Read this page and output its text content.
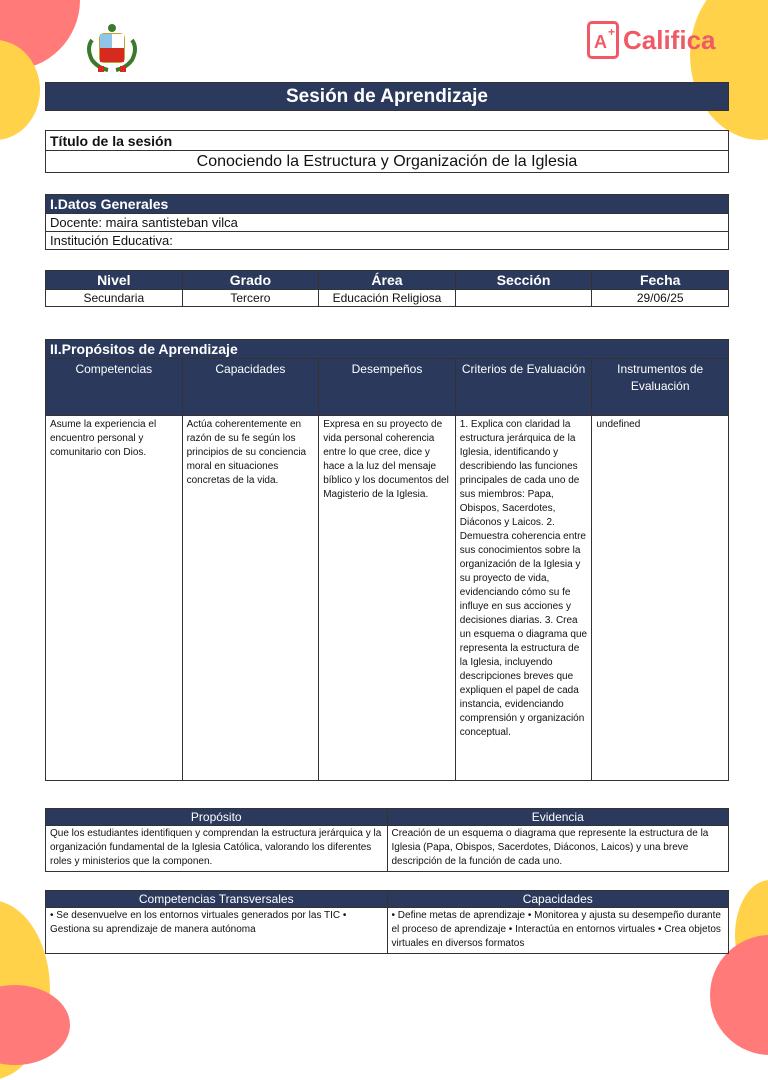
A + Califica
Sesión de Aprendizaje
Título de la sesión
Conociendo la Estructura y Organización de la Iglesia
I.Datos Generales
Docente: maira santisteban vilca
Institución Educativa:
Nivel	Grado	Área	Sección	Fecha
Secundaria	Tercero	Educación Religiosa		29/06/25
II.Propósitos de Aprendizaje				
Competencias	Capacidades	Desempeños	Criterios de Evaluación	Instrumentos de Evaluación
Asume la experiencia el encuentro personal y comunitario con Dios.	Actúa coherentemente en razón de su fe según los principios de su conciencia moral en situaciones concretas de la vida.	Expresa en su proyecto de vida personal coherencia entre lo que cree, dice y hace a la luz del mensaje bíblico y los documentos del Magisterio de la Iglesia.	1. Explica con claridad la estructura jerárquica de la Iglesia, identificando y describiendo las funciones principales de cada uno de sus miembros: Papa, Obispos, Sacerdotes, Diáconos y Laicos. 2. Demuestra coherencia entre sus conocimientos sobre la organización de la Iglesia y su proyecto de vida, evidenciando cómo su fe influye en sus acciones y decisiones diarias. 3. Crea un esquema o diagrama que representa la estructura de la Iglesia, incluyendo descripciones breves que expliquen el papel de cada instancia, evidenciando comprensión y organización conceptual.	undefined
Propósito	Evidencia
Que los estudiantes identifiquen y comprendan la estructura jerárquica y la organización fundamental de la Iglesia Católica, valorando los diferentes roles y ministerios que la componen.	Creación de un esquema o diagrama que represente la estructura de la Iglesia (Papa, Obispos, Sacerdotes, Diáconos, Laicos) y una breve descripción de la función de cada uno.
Competencias Transversales	Capacidades
• Se desenvuelve en los entornos virtuales generados por las TIC • Gestiona su aprendizaje de manera autónoma	• Define metas de aprendizaje • Monitorea y ajusta su desempeño durante el proceso de aprendizaje • Interactúa en entornos virtuales • Crea objetos virtuales en diversos formatos
